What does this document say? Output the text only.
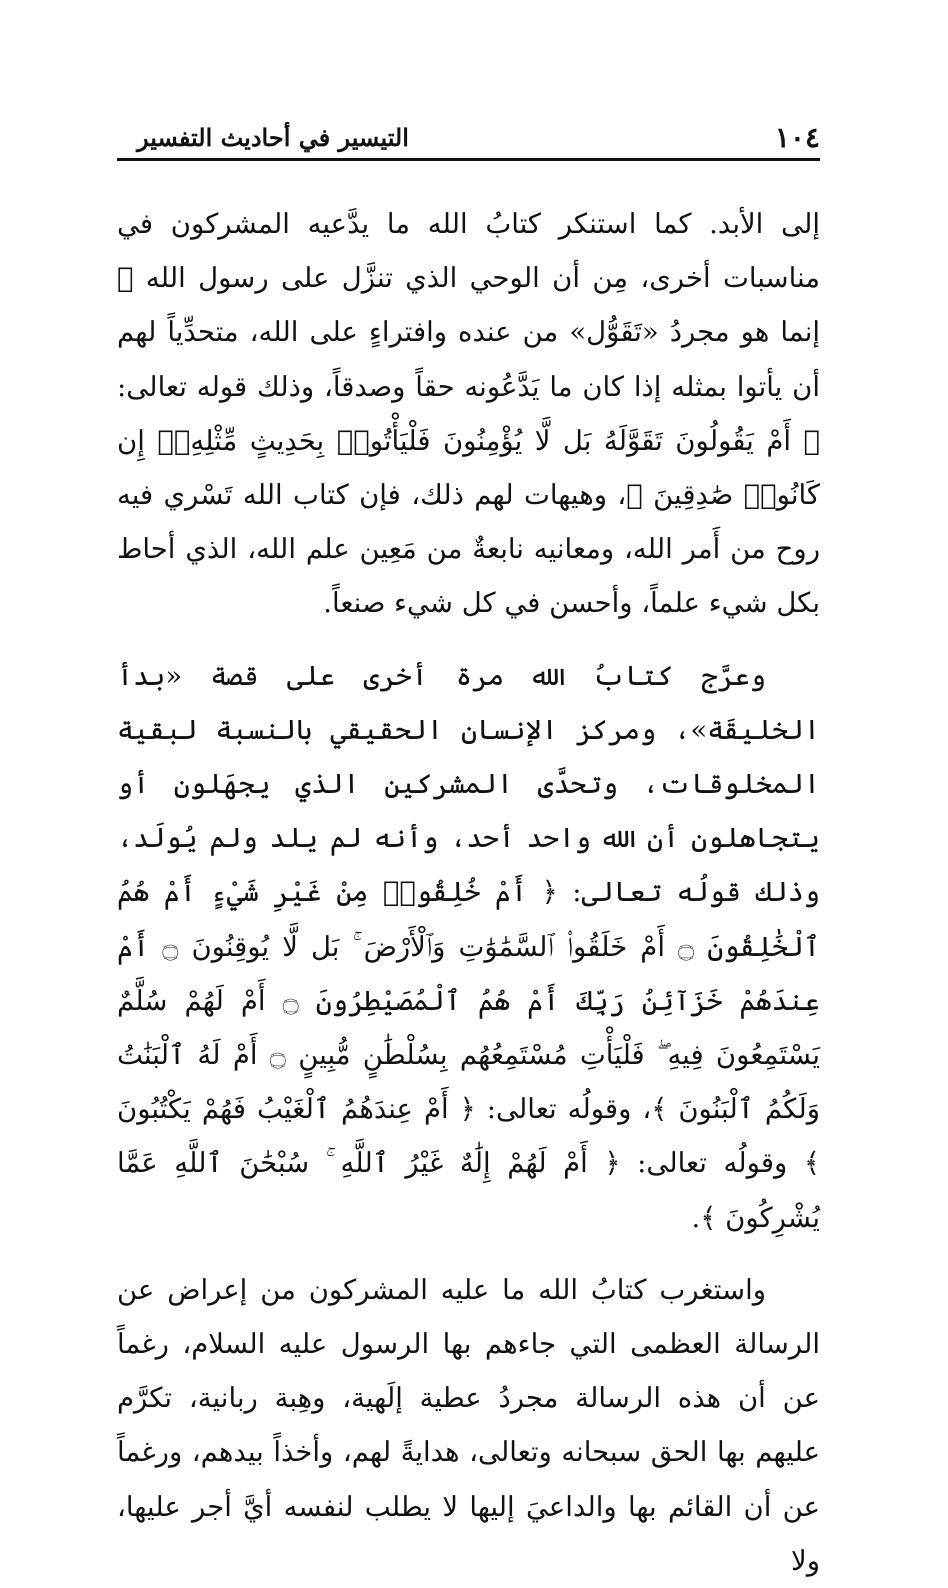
١٠٤
التيسير في أحاديث التفسير

إلى الأبد. كما استنكر كتابُ الله ما يدَّعيه المشركون في مناسبات أخرى، مِن أن الوحي الذي تنزَّل على رسول الله ﷺ إنما هو مجردُ «تَقَوُّل» من عنده وافتراءٍ على الله، متحدِّياً لهم أن يأتوا بمثله إذا كان ما يَدَّعُونه حقاً وصدقاً، وذلك قوله تعالى: ﴿ أَمْ يَقُولُونَ تَقَوَّلَهُ بَل لَّا يُؤْمِنُونَ فَلْيَأْتُوا۟ بِحَدِيثٍ مِّثْلِهِۦٓ إِن كَانُوا۟ صَٰدِقِينَ ﴾، وهيهات لهم ذلك، فإن كتاب الله تَسْري فيه روح من أَمر الله، ومعانيه نابعةٌ من مَعِين علم الله، الذي أحاط بكل شيء علماً، وأحسن في كل شيء صنعاً.

وعرَّج كتابُ الله مرة أخرى على قصة «بدأ الخليقَة»، ومركز الإنسان الحقيقي بالنسبة لبقية المخلوقات، وتحدَّى المشركين الذي يجهَلون أو يتجاهلون أن الله واحد أحد، وأنه لم يلد ولم يُولَد، وذلك قولُه تعالى: ﴿ أَمْ خُلِقُوا۟ مِنْ غَيْرِ شَيْءٍ أَمْ هُمُ ٱلْخَٰلِقُونَ ۝ أَمْ خَلَقُوا۟ ٱلسَّمَٰوَٰتِ وَٱلْأَرْضَ ۚ بَل لَّا يُوقِنُونَ ۝ أَمْ عِندَهُمْ خَزَآئِنُ رَبِّكَ أَمْ هُمُ ٱلْمُصَيْطِرُونَ ۝ أَمْ لَهُمْ سُلَّمٌ يَسْتَمِعُونَ فِيهِ ۖ فَلْيَأْتِ مُسْتَمِعُهُم بِسُلْطَٰنٍ مُّبِينٍ ۝ أَمْ لَهُ ٱلْبَنَٰتُ وَلَكُمُ ٱلْبَنُونَ ﴾، وقولُه تعالى: ﴿ أَمْ عِندَهُمُ ٱلْغَيْبُ فَهُمْ يَكْتُبُونَ ﴾ وقولُه تعالى: ﴿ أَمْ لَهُمْ إِلَٰهٌ غَيْرُ ٱللَّهِ ۚ سُبْحَٰنَ ٱللَّهِ عَمَّا يُشْرِكُونَ ﴾.

واستغرب كتابُ الله ما عليه المشركون من إعراض عن الرسالة العظمى التي جاءهم بها الرسول عليه السلام، رغماً عن أن هذه الرسالة مجردُ عطية إلَهية، وهِبة ربانية، تكرَّم عليهم بها الحق سبحانه وتعالى، هدايةً لهم، وأخذاً بيدهم، ورغماً عن أن القائم بها والداعيَ إليها لا يطلب لنفسه أيَّ أجر عليها، ولا
